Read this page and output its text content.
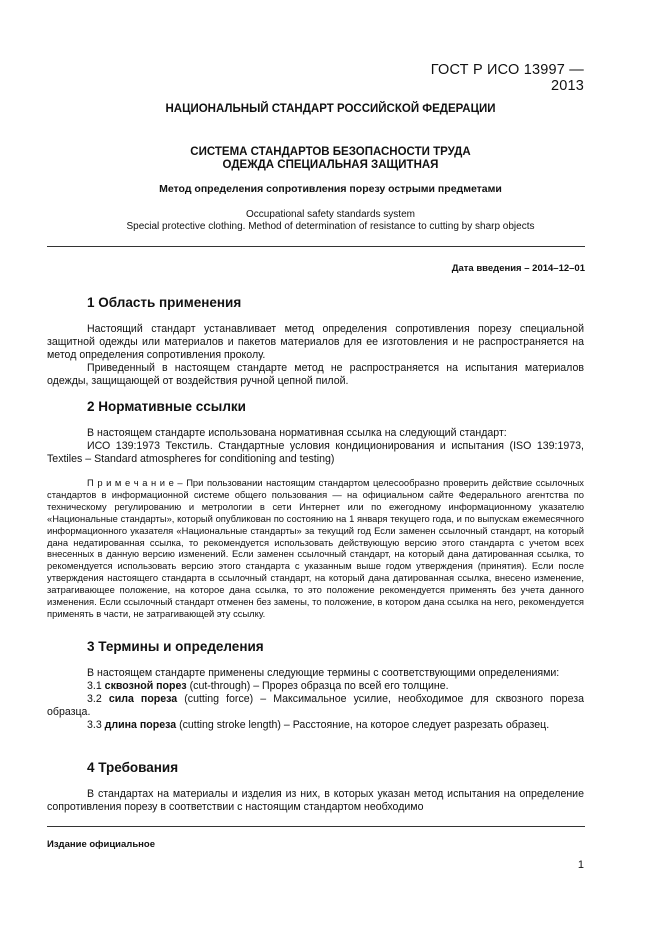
ГОСТ Р ИСО 13997 — 2013
НАЦИОНАЛЬНЫЙ СТАНДАРТ РОССИЙСКОЙ ФЕДЕРАЦИИ
СИСТЕМА СТАНДАРТОВ БЕЗОПАСНОСТИ ТРУДА
ОДЕЖДА СПЕЦИАЛЬНАЯ ЗАЩИТНАЯ
Метод определения сопротивления порезу острыми предметами
Occupational safety standards system
Special protective clothing. Method of determination of resistance to cutting by sharp objects
Дата введения – 2014–12–01
1 Область применения

Настоящий стандарт устанавливает метод определения сопротивления порезу специальной защитной одежды или материалов и пакетов материалов для ее изготовления и не распространяется на метод определения сопротивления проколу.

Приведенный в настоящем стандарте метод не распространяется на испытания материалов одежды, защищающей от воздействия ручной цепной пилой.

2 Нормативные ссылки

В настоящем стандарте использована нормативная ссылка на следующий стандарт:

ИСО 139:1973 Текстиль. Стандартные условия кондиционирования и испытания (ISO 139:1973, Textiles – Standard atmospheres for conditioning and testing)

П р и м е ч а н и е – При пользовании настоящим стандартом целесообразно проверить действие ссылочных стандартов в информационной системе общего пользования — на официальном сайте Федерального агентства по техническому регулированию и метрологии в сети Интернет или по ежегодному информационному указателю «Национальные стандарты», который опубликован по состоянию на 1 января текущего года, и по выпускам ежемесячного информационного указателя «Национальные стандарты» за текущий год Если заменен ссылочный стандарт, на который дана недатированная ссылка, то рекомендуется использовать действующую версию этого стандарта с учетом всех внесенных в данную версию изменений. Если заменен ссылочный стандарт, на который дана датированная ссылка, то рекомендуется использовать версию этого стандарта с указанным выше годом утверждения (принятия). Если после утверждения настоящего стандарта в ссылочный стандарт, на который дана датированная ссылка, внесено изменение, затрагивающее положение, на которое дана ссылка, то это положение рекомендуется применять без учета данного изменения. Если ссылочный стандарт отменен без замены, то положение, в котором дана ссылка на него, рекомендуется применять в части, не затрагивающей эту ссылку.

3 Термины и определения

В настоящем стандарте применены следующие термины с соответствующими определениями:

3.1 сквозной порез (cut-through) – Прорез образца по всей его толщине.

3.2 сила пореза (cutting force) – Максимальное усилие, необходимое для сквозного пореза образца.

3.3 длина пореза (cutting stroke length) – Расстояние, на которое следует разрезать образец.

4 Требования

В стандартах на материалы и изделия из них, в которых указан метод испытания на определение сопротивления порезу в соответствии с настоящим стандартом необходимо

Издание официальное
1
